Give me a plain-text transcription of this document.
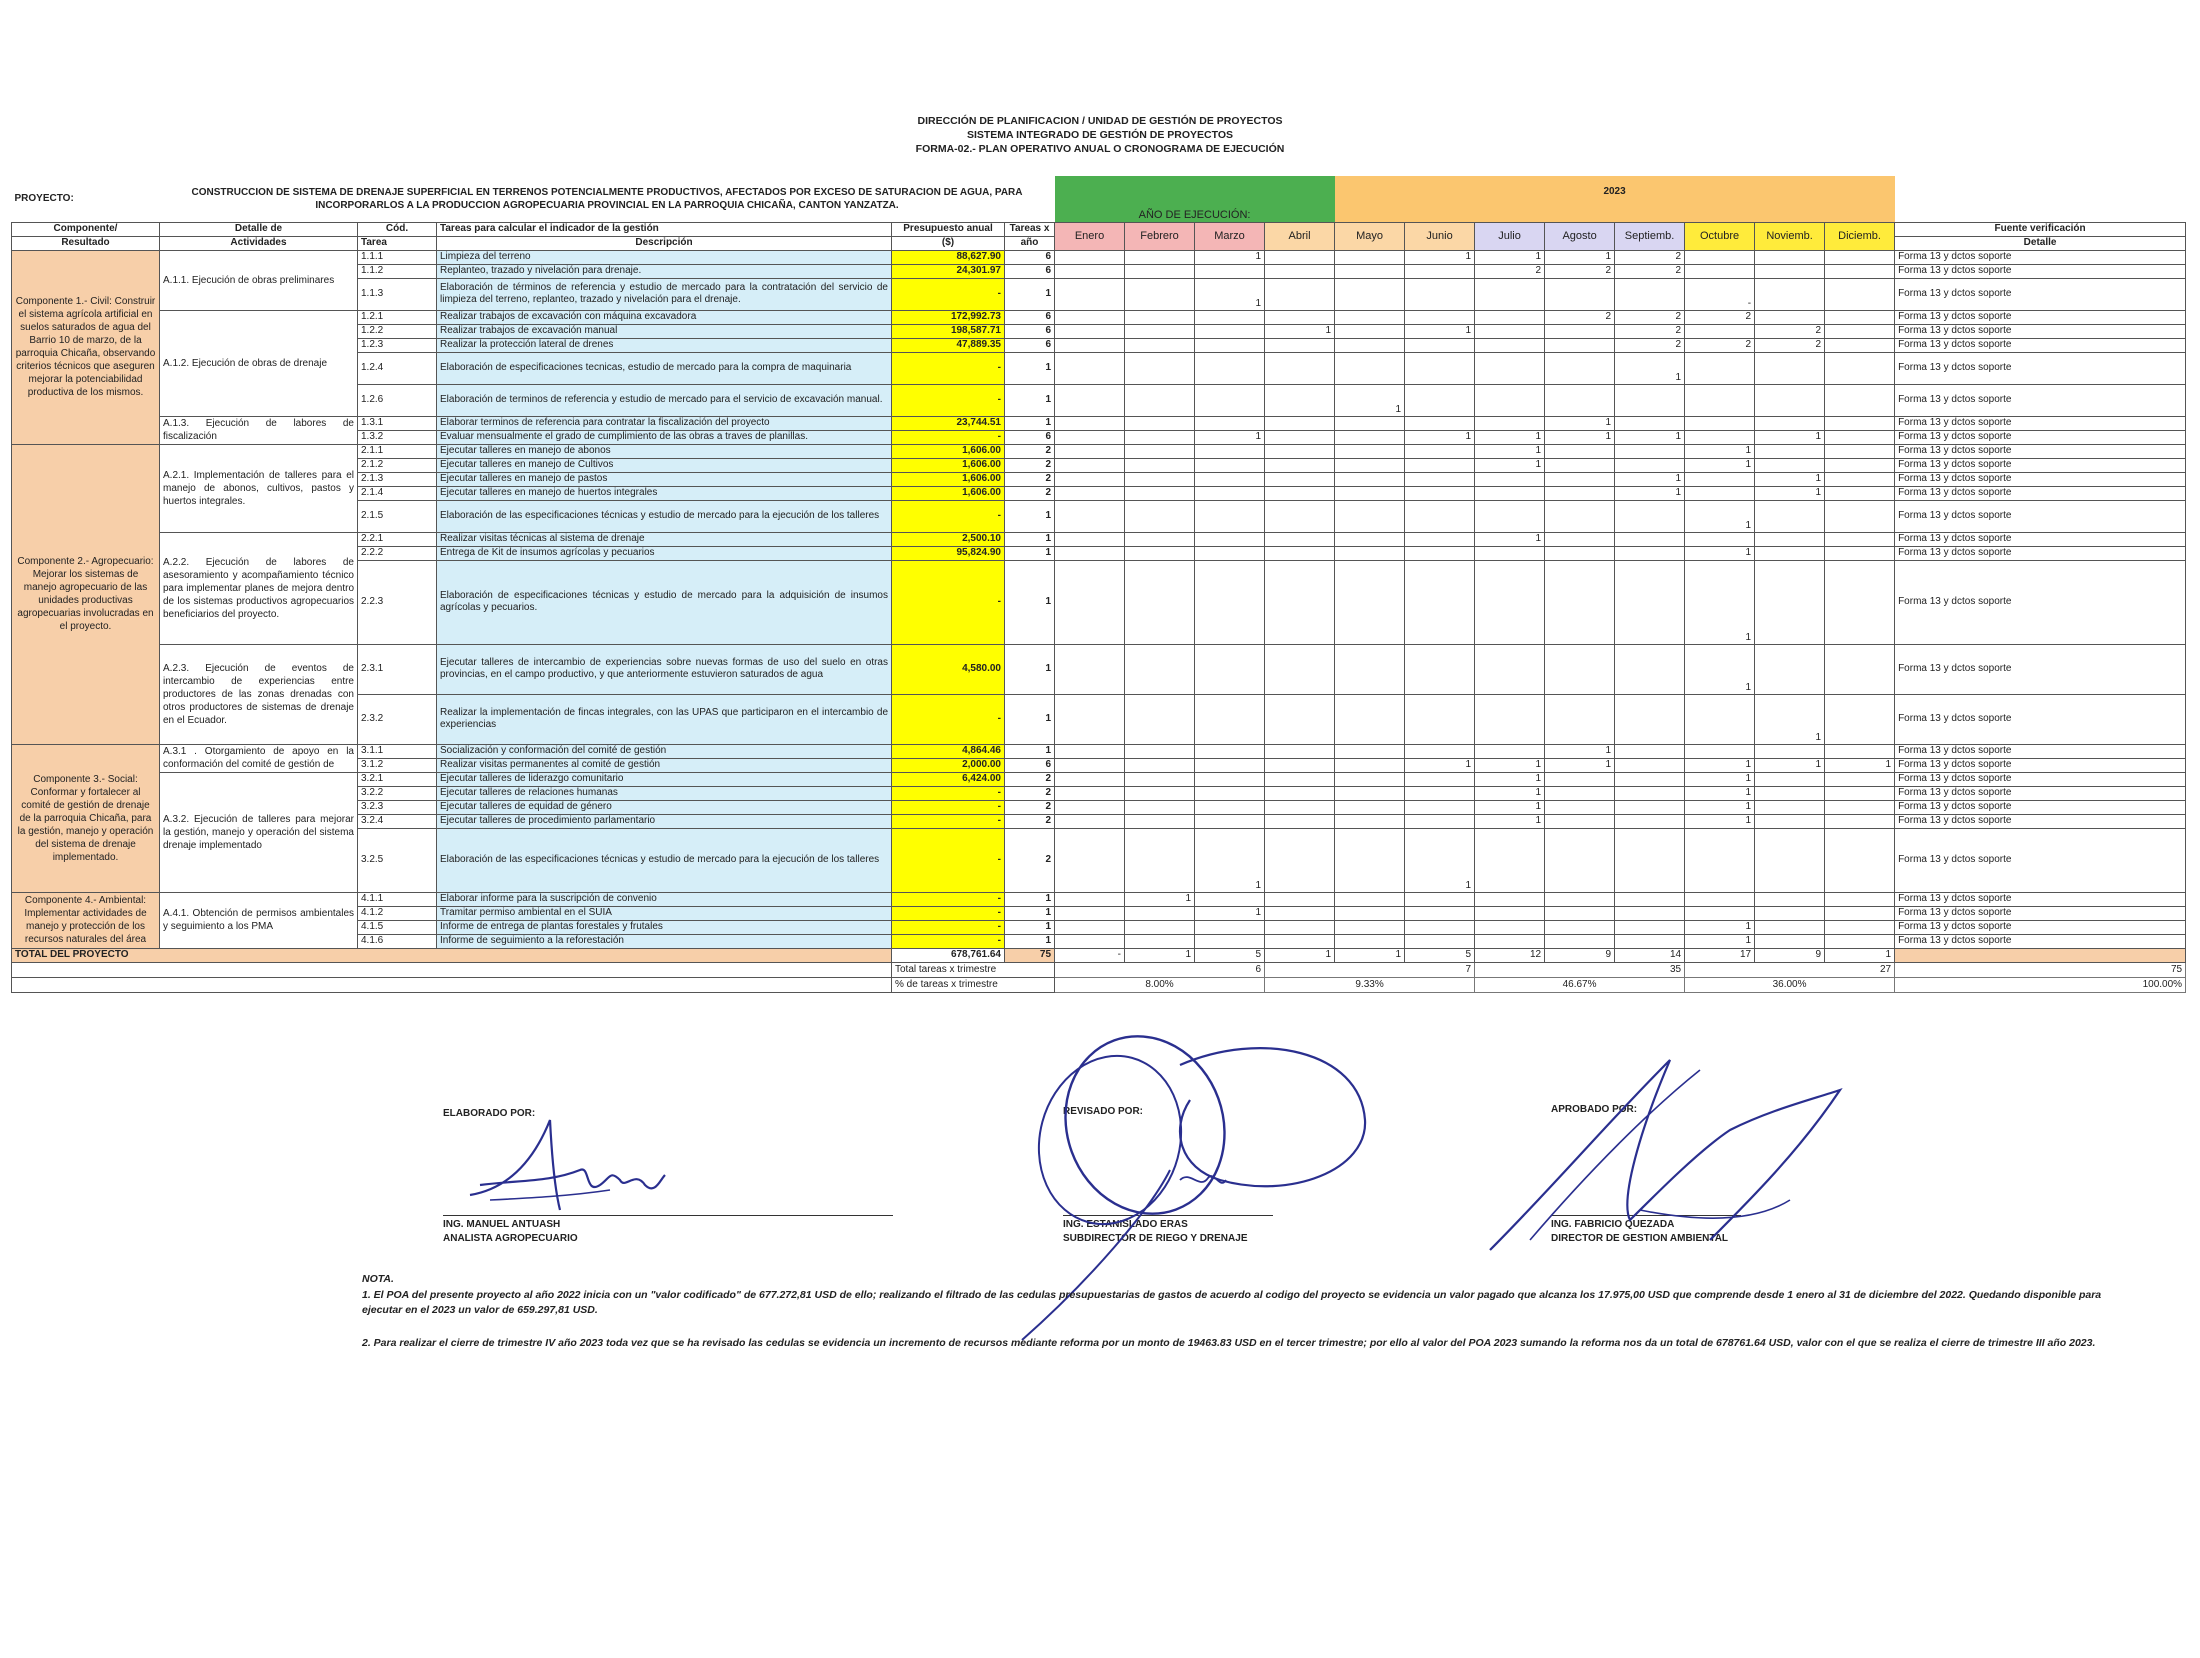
DIRECCIÓN DE PLANIFICACION / UNIDAD DE GESTIÓN DE PROYECTOS
SISTEMA INTEGRADO DE GESTIÓN DE PROYECTOS
FORMA-02.- PLAN OPERATIVO ANUAL O CRONOGRAMA DE EJECUCIÓN
PROYECTO:	CONSTRUCCION DE SISTEMA DE DRENAJE SUPERFICIAL EN TERRENOS POTENCIALMENTE PRODUCTIVOS, AFECTADOS POR EXCESO DE SATURACION DE AGUA, PARA INCORPORARLOS A LA PRODUCCION AGROPECUARIA PROVINCIAL EN LA PARROQUIA CHICAÑA, CANTON YANZATZA.					AÑO DE EJECUCIÓN:				2023								
Componente/	Detalle de	Cód.	Tareas para calcular el indicador de la gestión	Presupuesto anual	Tareas x	Enero	Febrero	Marzo	Abril	Mayo	Junio	Julio	Agosto	Septiemb.	Octubre	Noviemb.	Diciemb.	Fuente verificación
Resultado	Actividades	Tarea	Descripción	($)	año													Detalle
Componente 1.- Civil: Construir el sistema agrícola artificial en suelos saturados de agua del Barrio 10 de marzo, de la parroquia Chicaña, observando criterios técnicos que aseguren mejorar la potenciabilidad productiva de los mismos.	A.1.1. Ejecución de obras preliminares	1.1.1	Limpieza del terreno	88,627.90	6			1			1	1	1	2				Forma 13 y dctos soporte
		1.1.2	Replanteo, trazado y nivelación para drenaje.	24,301.97	6							2	2	2				Forma 13 y dctos soporte
		1.1.3	Elaboración de términos de referencia y estudio de mercado para la contratación del servicio de limpieza del terreno, replanteo, trazado y nivelación para el drenaje.	-	1			1							-			Forma 13 y dctos soporte
	A.1.2. Ejecución de obras de drenaje	1.2.1	Realizar trabajos de excavación con máquina excavadora	172,992.73	6								2	2	2			Forma 13 y dctos soporte
		1.2.2	Realizar trabajos de excavación manual	198,587.71	6				1		1			2		2		Forma 13 y dctos soporte
		1.2.3	Realizar la protección lateral de drenes	47,889.35	6									2	2	2		Forma 13 y dctos soporte
		1.2.4	Elaboración de especificaciones tecnicas, estudio de mercado para la compra de maquinaria	-	1									1				Forma 13 y dctos soporte
		1.2.6	Elaboración de terminos de referencia y estudio de mercado para el servicio de excavación manual.	-	1					1								Forma 13 y dctos soporte
	A.1.3. Ejecución de labores de fiscalización	1.3.1	Elaborar terminos de referencia para contratar la fiscalización del proyecto	23,744.51	1								1					Forma 13 y dctos soporte
		1.3.2	Evaluar mensualmente el grado de cumplimiento de las obras a traves de planillas.	-	6			1			1	1	1	1		1		Forma 13 y dctos soporte
Componente 2.- Agropecuario: Mejorar los sistemas de manejo agropecuario de las unidades productivas agropecuarias involucradas en el proyecto.	A.2.1. Implementación de talleres para el manejo de abonos, cultivos, pastos y huertos integrales.	2.1.1	Ejecutar talleres en manejo de abonos	1,606.00	2							1			1			Forma 13 y dctos soporte
		2.1.2	Ejecutar talleres en manejo de Cultivos	1,606.00	2							1			1			Forma 13 y dctos soporte
		2.1.3	Ejecutar talleres en manejo de pastos	1,606.00	2									1		1		Forma 13 y dctos soporte
		2.1.4	Ejecutar talleres en manejo de huertos integrales	1,606.00	2									1		1		Forma 13 y dctos soporte
		2.1.5	Elaboración de las especificaciones técnicas y estudio de mercado para la ejecución de los talleres	-	1										1			Forma 13 y dctos soporte
	A.2.2. Ejecución de labores de asesoramiento y acompañamiento técnico para implementar planes de mejora dentro de los sistemas productivos agropecuarios beneficiarios del proyecto.	2.2.1	Realizar visitas técnicas al sistema de drenaje	2,500.10	1							1						Forma 13 y dctos soporte
		2.2.2	Entrega de Kit de insumos agrícolas y pecuarios	95,824.90	1										1			Forma 13 y dctos soporte
		2.2.3	Elaboración de especificaciones técnicas y estudio de mercado para la adquisición de insumos agrícolas y pecuarios.	-	1										1			Forma 13 y dctos soporte
	A.2.3. Ejecución de eventos de intercambio de experiencias entre productores de las zonas drenadas con otros productores de sistemas de drenaje en el Ecuador.	2.3.1	Ejecutar talleres de intercambio de experiencias sobre nuevas formas de uso del suelo en otras provincias, en el campo productivo, y que anteriormente estuvieron saturados de agua	4,580.00	1										1			Forma 13 y dctos soporte
		2.3.2	Realizar la implementación de fincas integrales, con las UPAS que participaron en el intercambio de experiencias	-	1											1		Forma 13 y dctos soporte
Componente 3.- Social: Conformar y fortalecer al comité de gestión de drenaje de la parroquia Chicaña, para la gestión, manejo y operación del sistema de drenaje implementado.	A.3.1 . Otorgamiento de apoyo en la conformación del comité de gestión de	3.1.1	Socialización y conformación del comité de gestión	4,864.46	1								1					Forma 13 y dctos soporte
		3.1.2	Realizar visitas permanentes al comité de gestión	2,000.00	6						1	1	1		1	1	1	Forma 13 y dctos soporte
	A.3.2. Ejecución de talleres para mejorar la gestión, manejo y operación del sistema drenaje implementado	3.2.1	Ejecutar talleres de liderazgo comunitario	6,424.00	2							1			1			Forma 13 y dctos soporte
		3.2.2	Ejecutar talleres de relaciones humanas	-	2							1			1			Forma 13 y dctos soporte
		3.2.3	Ejecutar talleres de equidad de género	-	2							1			1			Forma 13 y dctos soporte
		3.2.4	Ejecutar talleres de procedimiento parlamentario	-	2							1			1			Forma 13 y dctos soporte
		3.2.5	Elaboración de las especificaciones técnicas y estudio de mercado para la ejecución de los talleres	-	2			1			1							Forma 13 y dctos soporte
Componente 4.- Ambiental: Implementar actividades de manejo y protección de los recursos naturales del área	A.4.1. Obtención de permisos ambientales y seguimiento a los PMA	4.1.1	Elaborar informe para la suscripción de convenio	-	1		1											Forma 13 y dctos soporte
		4.1.2	Tramitar permiso ambiental en el SUIA	-	1			1										Forma 13 y dctos soporte
		4.1.5	Informe de entrega de plantas forestales y frutales	-	1										1			Forma 13 y dctos soporte
		4.1.6	Informe de seguimiento a la reforestación	-	1										1			Forma 13 y dctos soporte
TOTAL DEL PROYECTO				678,761.64	75	-	1	5	1	1	5	12	9	14	17	9	1	
				Total tareas x trimestre		6			7			35			27			75
				% de tareas x trimestre		8.00%			9.33%			46.67%			36.00%			100.00%
ELABORADO POR:
ING. MANUEL ANTUASH
ANALISTA AGROPECUARIO
REVISADO POR:
ING. ESTANISLADO ERAS
SUBDIRECTOR DE RIEGO Y DRENAJE
APROBADO POR:
ING. FABRICIO QUEZADA
DIRECTOR DE GESTION AMBIENTAL
NOTA.
1. El POA del presente proyecto al año 2022 inicia con un "valor codificado" de 677.272,81 USD de ello; realizando el filtrado de las cedulas presupuestarias de gastos de acuerdo al codigo del proyecto se evidencia un valor pagado que alcanza los 17.975,00 USD que comprende desde 1 enero al 31 de diciembre del 2022. Quedando disponible para ejecutar en el 2023 un valor de 659.297,81 USD.
2. Para realizar el cierre de trimestre IV año 2023 toda vez que se ha revisado las cedulas se evidencia un incremento de recursos mediante reforma por un monto de 19463.83 USD en el tercer trimestre; por ello al valor del POA 2023 sumando la reforma nos da un total de 678761.64 USD, valor con el que se realiza el cierre de trimestre III año 2023.
